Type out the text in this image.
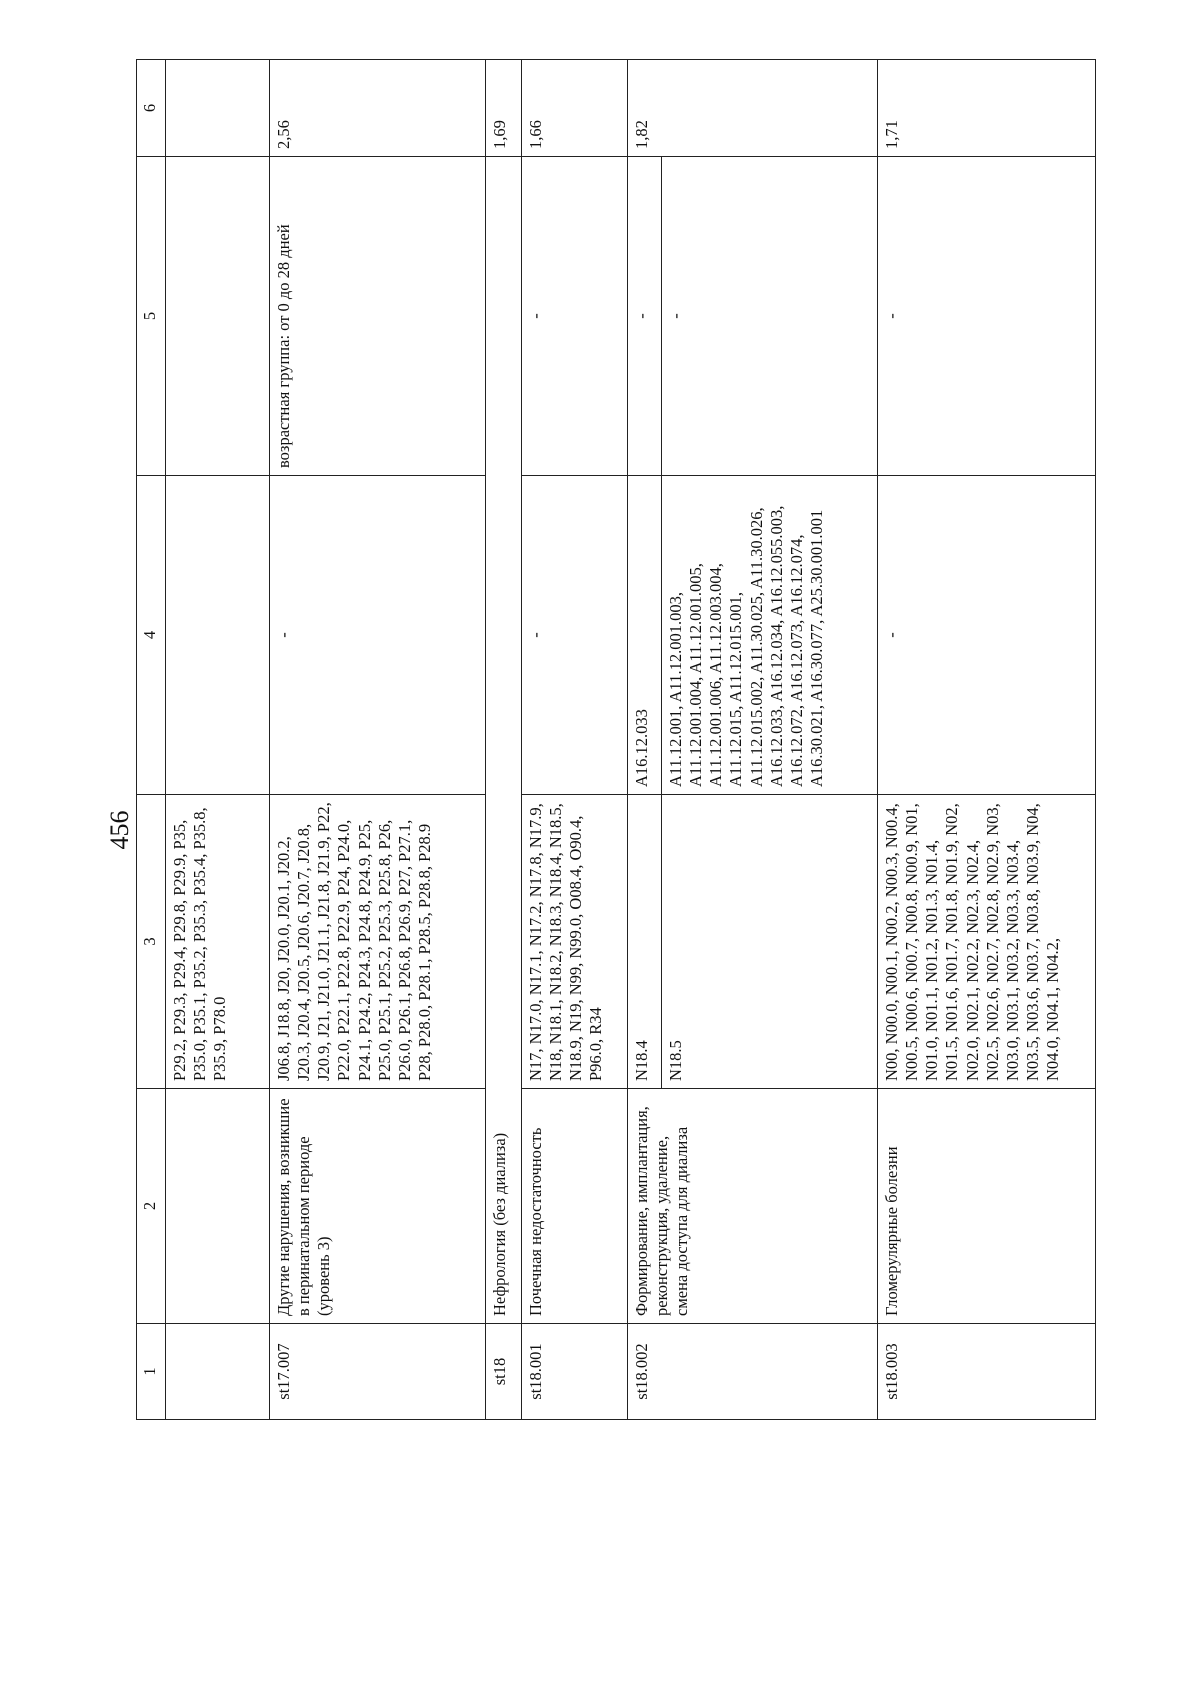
456
1	2	3	4	5	6
		P29.2, P29.3, P29.4, P29.8, P29.9, P35, P35.0, P35.1, P35.2, P35.3, P35.4, P35.8, P35.9, P78.0			
st17.007	Другие нарушения, возникшие в перинатальном периоде (уровень 3)	J06.8, J18.8, J20, J20.0, J20.1, J20.2, J20.3, J20.4, J20.5, J20.6, J20.7, J20.8, J20.9, J21, J21.0, J21.1, J21.8, J21.9, P22, P22.0, P22.1, P22.8, P22.9, P24, P24.0, P24.1, P24.2, P24.3, P24.8, P24.9, P25, P25.0, P25.1, P25.2, P25.3, P25.8, P26, P26.0, P26.1, P26.8, P26.9, P27, P27.1, P28, P28.0, P28.1, P28.5, P28.8, P28.9	-	возрастная группа: от 0 до 28 дней	2,56
st18	Нефрология (без диализа)				1,69
st18.001	Почечная недостаточность	N17, N17.0, N17.1, N17.2, N17.8, N17.9, N18, N18.1, N18.2, N18.3, N18.4, N18.5, N18.9, N19, N99, N99.0, O08.4, O90.4, P96.0, R34	-	-	1,66
st18.002	Формирование, имплантация, реконструкция, удаление, смена доступа для диализа	N18.4	A16.12.033	-	1,82
		N18.5	A11.12.001, A11.12.001.003, A11.12.001.004, A11.12.001.005, A11.12.001.006, A11.12.003.004, A11.12.015, A11.12.015.001, A11.12.015.002, A11.30.025, A11.30.026, A16.12.033, A16.12.034, A16.12.055.003, A16.12.072, A16.12.073, A16.12.074, A16.30.021, A16.30.077, A25.30.001.001	-	
st18.003	Гломерулярные болезни	N00, N00.0, N00.1, N00.2, N00.3, N00.4, N00.5, N00.6, N00.7, N00.8, N00.9, N01, N01.0, N01.1, N01.2, N01.3, N01.4, N01.5, N01.6, N01.7, N01.8, N01.9, N02, N02.0, N02.1, N02.2, N02.3, N02.4, N02.5, N02.6, N02.7, N02.8, N02.9, N03, N03.0, N03.1, N03.2, N03.3, N03.4, N03.5, N03.6, N03.7, N03.8, N03.9, N04, N04.0, N04.1, N04.2,	-	-	1,71
